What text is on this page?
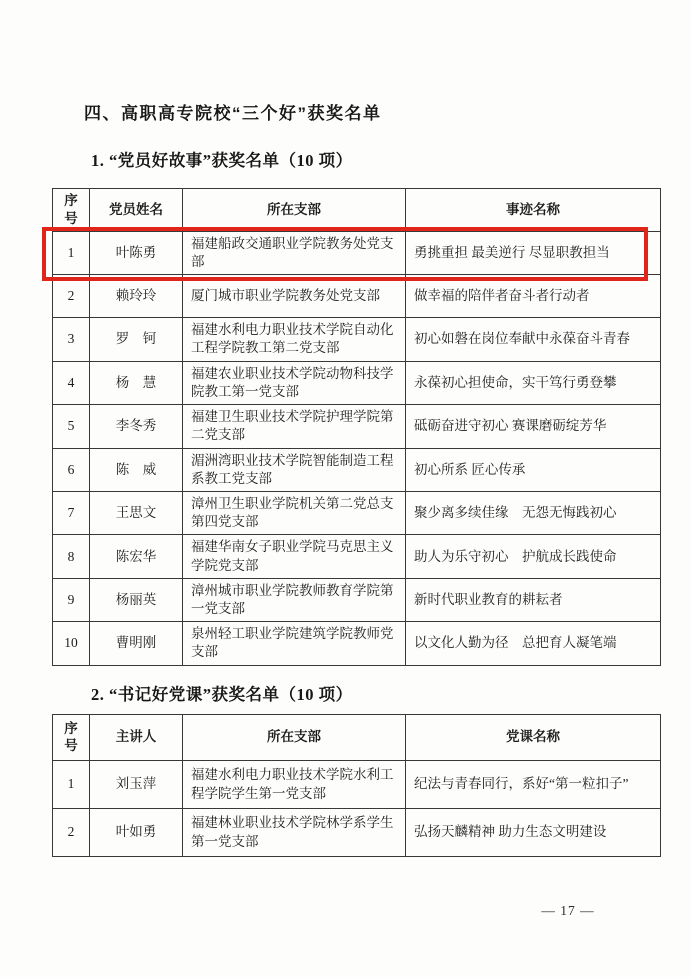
四、高职高专院校“三个好”获奖名单
1. “党员好故事”获奖名单（10 项）
序号	党员姓名	所在支部	事迹名称
1	叶陈勇	福建船政交通职业学院教务处党支部	勇挑重担 最美逆行 尽显职教担当
2	赖玲玲	厦门城市职业学院教务处党支部	做幸福的陪伴者奋斗者行动者
3	罗　钶	福建水利电力职业技术学院自动化工程学院教工第二党支部	初心如磐在岗位奉献中永葆奋斗青春
4	杨　慧	福建农业职业技术学院动物科技学院教工第一党支部	永葆初心担使命，实干笃行勇登攀
5	李冬秀	福建卫生职业技术学院护理学院第二党支部	砥砺奋进守初心 赛课磨砺绽芳华
6	陈　威	湄洲湾职业技术学院智能制造工程系教工党支部	初心所系 匠心传承
7	王思文	漳州卫生职业学院机关第二党总支第四党支部	聚少离多续佳缘　无怨无悔践初心
8	陈宏华	福建华南女子职业学院马克思主义学院党支部	助人为乐守初心　护航成长践使命
9	杨丽英	漳州城市职业学院教师教育学院第一党支部	新时代职业教育的耕耘者
10	曹明刚	泉州轻工职业学院建筑学院教师党支部	以文化人勤为径　总把育人凝笔端
2. “书记好党课”获奖名单（10 项）
序号	主讲人	所在支部	党课名称
1	刘玉萍	福建水利电力职业技术学院水利工程学院学生第一党支部	纪法与青春同行，系好“第一粒扣子”
2	叶如勇	福建林业职业技术学院林学系学生第一党支部	弘扬天麟精神 助力生态文明建设
— 17 —
